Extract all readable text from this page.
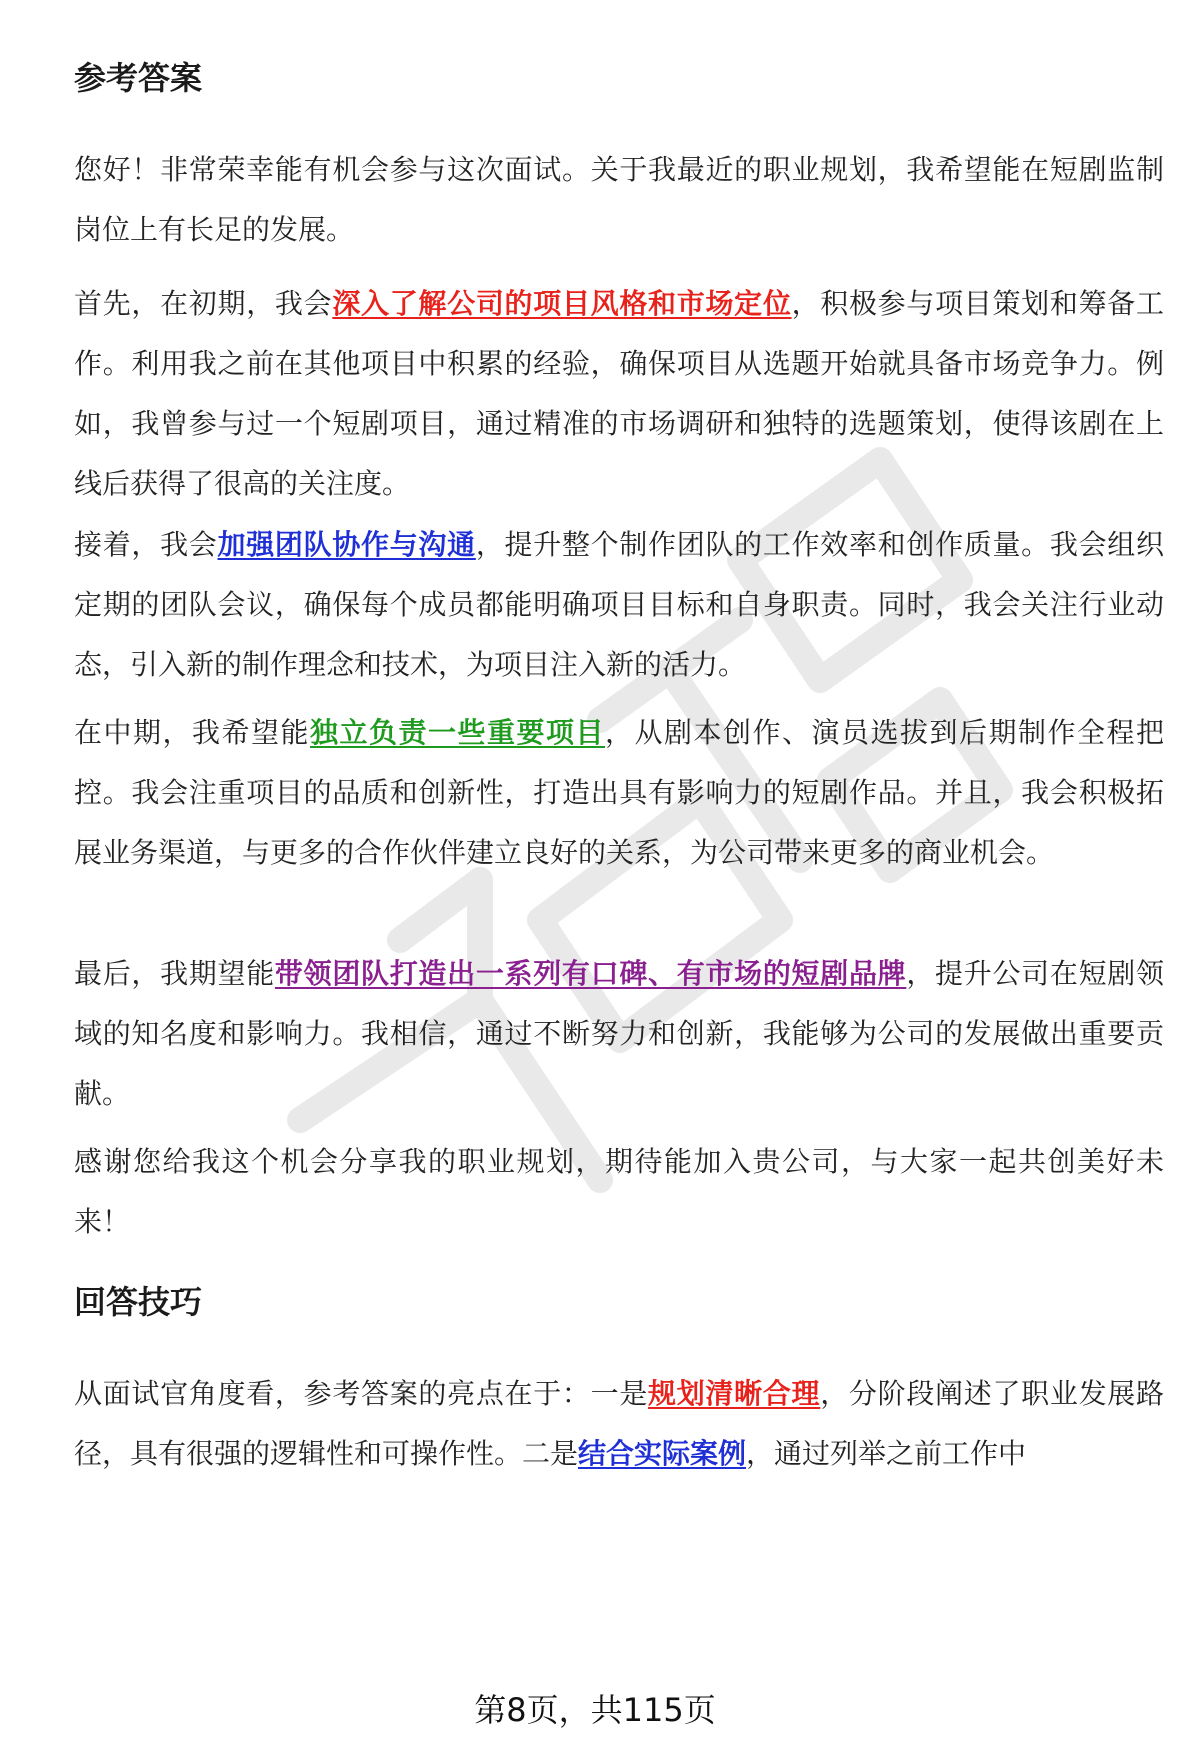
参考答案

您好！非常荣幸能有机会参与这次面试。关于我最近的职业规划，我希望能在短剧监制岗位上有长足的发展。

首先，在初期，我会深入了解公司的项目风格和市场定位，积极参与项目策划和筹备工作。利用我之前在其他项目中积累的经验，确保项目从选题开始就具备市场竞争力。例如，我曾参与过一个短剧项目，通过精准的市场调研和独特的选题策划，使得该剧在上线后获得了很高的关注度。

接着，我会加强团队协作与沟通，提升整个制作团队的工作效率和创作质量。我会组织定期的团队会议，确保每个成员都能明确项目目标和自身职责。同时，我会关注行业动态，引入新的制作理念和技术，为项目注入新的活力。

在中期，我希望能独立负责一些重要项目，从剧本创作、演员选拔到后期制作全程把控。我会注重项目的品质和创新性，打造出具有影响力的短剧作品。并且，我会积极拓展业务渠道，与更多的合作伙伴建立良好的关系，为公司带来更多的商业机会。

最后，我期望能带领团队打造出一系列有口碑、有市场的短剧品牌，提升公司在短剧领域的知名度和影响力。我相信，通过不断努力和创新，我能够为公司的发展做出重要贡献。

感谢您给我这个机会分享我的职业规划，期待能加入贵公司，与大家一起共创美好未来！

回答技巧

从面试官角度看，参考答案的亮点在于：一是规划清晰合理，分阶段阐述了职业发展路径，具有很强的逻辑性和可操作性。二是结合实际案例，通过列举之前工作中

第8页，共115页
